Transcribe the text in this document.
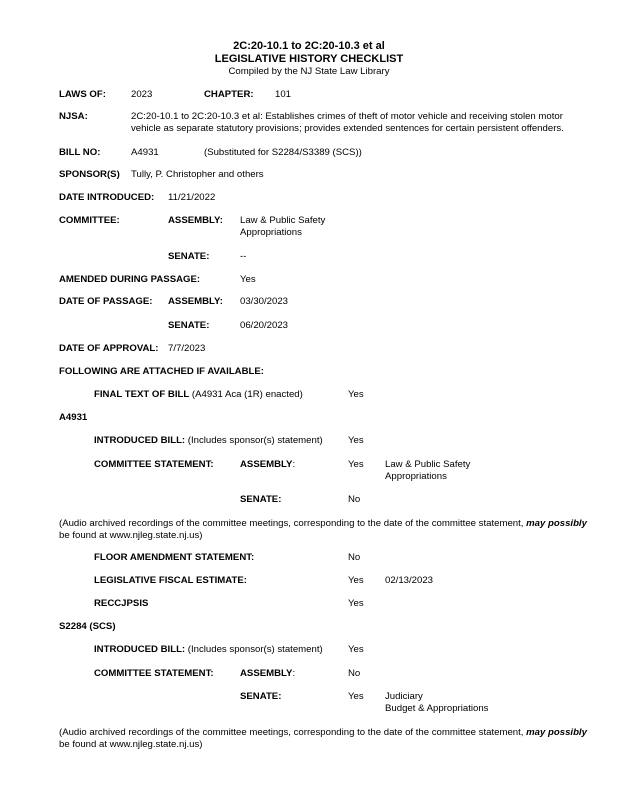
2C:20-10.1 to 2C:20-10.3 et al
LEGISLATIVE HISTORY CHECKLIST
Compiled by the NJ State Law Library
LAWS OF:	2023	CHAPTER: 101
NJSA:	2C:20-10.1 to 2C:20-10.3 et al: Establishes crimes of theft of motor vehicle and receiving stolen motor
vehicle as separate statutory provisions; provides extended sentences for certain persistent offenders.
BILL NO:	A4931	(Substituted for S2284/S3389 (SCS))
SPONSOR(S) Tully, P. Christopher and others
DATE INTRODUCED: 11/21/2022
COMMITTEE:	ASSEMBLY: Law & Public Safety
Appropriations
SENATE:	--
AMENDED DURING PASSAGE:	Yes
DATE OF PASSAGE: ASSEMBLY: 03/30/2023
SENATE:	06/20/2023
DATE OF APPROVAL: 7/7/2023
FOLLOWING ARE ATTACHED IF AVAILABLE:
FINAL TEXT OF BILL (A4931 Aca (1R) enacted)	Yes
A4931
INTRODUCED BILL: (Includes sponsor(s) statement)	Yes
COMMITTEE STATEMENT:	ASSEMBLY:	Yes Law & Public Safety
Appropriations
SENATE:	No
(Audio archived recordings of the committee meetings, corresponding to the date of the committee statement, may possibly
be found at www.njleg.state.nj.us)
FLOOR AMENDMENT STATEMENT:	No
LEGISLATIVE FISCAL ESTIMATE:	Yes 02/13/2023
RECCJPSIS	Yes
S2284 (SCS)
INTRODUCED BILL: (Includes sponsor(s) statement)	Yes
COMMITTEE STATEMENT:	ASSEMBLY:	No
SENATE:	Yes Judiciary
Budget & Appropriations
(Audio archived recordings of the committee meetings, corresponding to the date of the committee statement, may possibly
be found at www.njleg.state.nj.us)
